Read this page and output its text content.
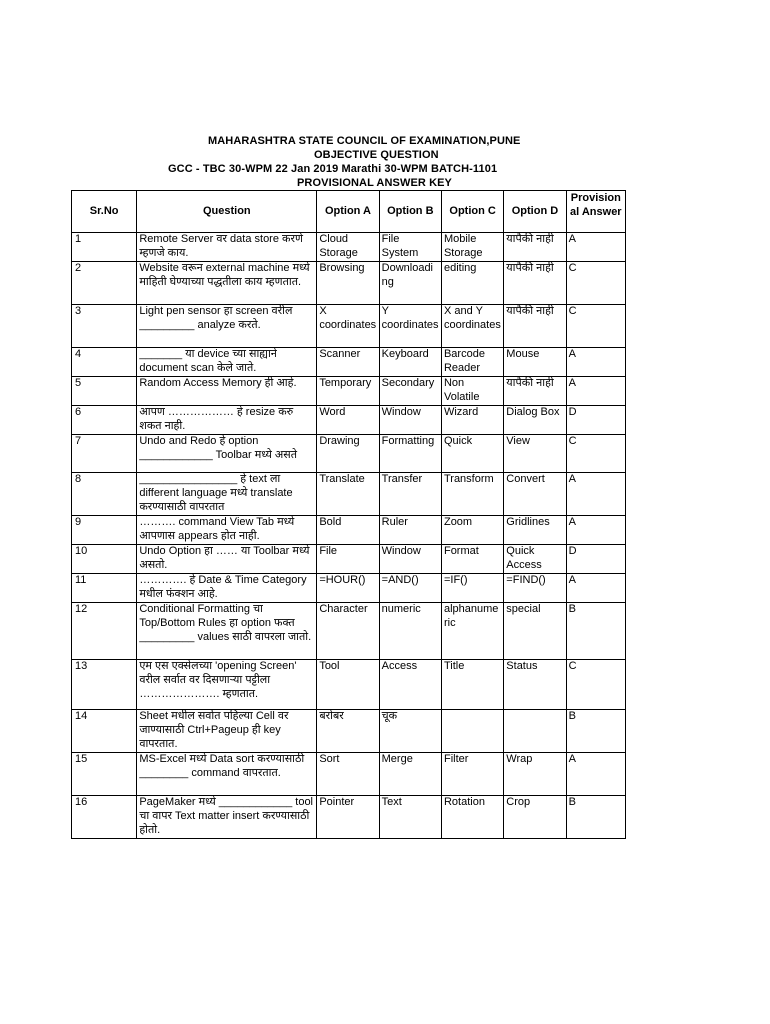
MAHARASHTRA STATE COUNCIL OF EXAMINATION,PUNE
OBJECTIVE QUESTION
GCC - TBC 30-WPM 22 Jan 2019 Marathi 30-WPM BATCH-1101
PROVISIONAL ANSWER KEY
Sr.No	Question	Option A	Option B	Option C	Option D	Provision al Answer
1	Remote Server वर data store करणे म्हणजे काय.	Cloud Storage	File System	Mobile Storage	यापैकी नाही	A
2	Website वरून external machine मध्ये माहिती घेण्याच्या पद्धतीला काय म्हणतात.	Browsing	Downloading	editing	यापैकी नाही	C
3	Light pen sensor हा screen वरील _________ analyze करते.	X coordinates	Y coordinates	X and Y coordinates	यापैकी नाही	C
4	_______ या device च्या साह्याने document scan केले जाते.	Scanner	Keyboard	Barcode Reader	Mouse	A
5	Random Access Memory ही आहे.	Temporary	Secondary	Non Volatile	यापैकी नाही	A
6	आपण ……………… हे resize करु शकत नाही.	Word	Window	Wizard	Dialog Box	D
7	Undo and Redo हे option ____________ Toolbar मध्ये असते	Drawing	Formatting	Quick	View	C
8	________________ हे text ला different language मध्ये translate करण्यासाठी वापरतात	Translate	Transfer	Transform	Convert	A
9	………. command View Tab मध्ये आपणास appears होत नाही.	Bold	Ruler	Zoom	Gridlines	A
10	Undo Option हा …… या Toolbar मध्ये असतो.	File	Window	Format	Quick Access	D
11	…………. हे Date & Time Category मधील फंक्शन आहे.	=HOUR()	=AND()	=IF()	=FIND()	A
12	Conditional Formatting चा Top/Bottom Rules हा option फक्त _________ values साठी वापरला जातो.	Character	numeric	alphanumeric	special	B
13	एम एस एक्सेलच्या 'opening Screen' वरील सर्वात वर दिसणाऱ्या पट्टीला …………………. म्हणतात.	Tool	Access	Title	Status	C
14	Sheet मधील सर्वात पहिल्या Cell वर जाण्यासाठी Ctrl+Pageup ही key वापरतात.	बरोबर	चूक			B
15	MS-Excel मध्ये Data sort करण्यासाठी ________ command वापरतात.	Sort	Merge	Filter	Wrap	A
16	PageMaker मध्ये ____________ tool चा वापर Text matter insert करण्यासाठी होतो.	Pointer	Text	Rotation	Crop	B
